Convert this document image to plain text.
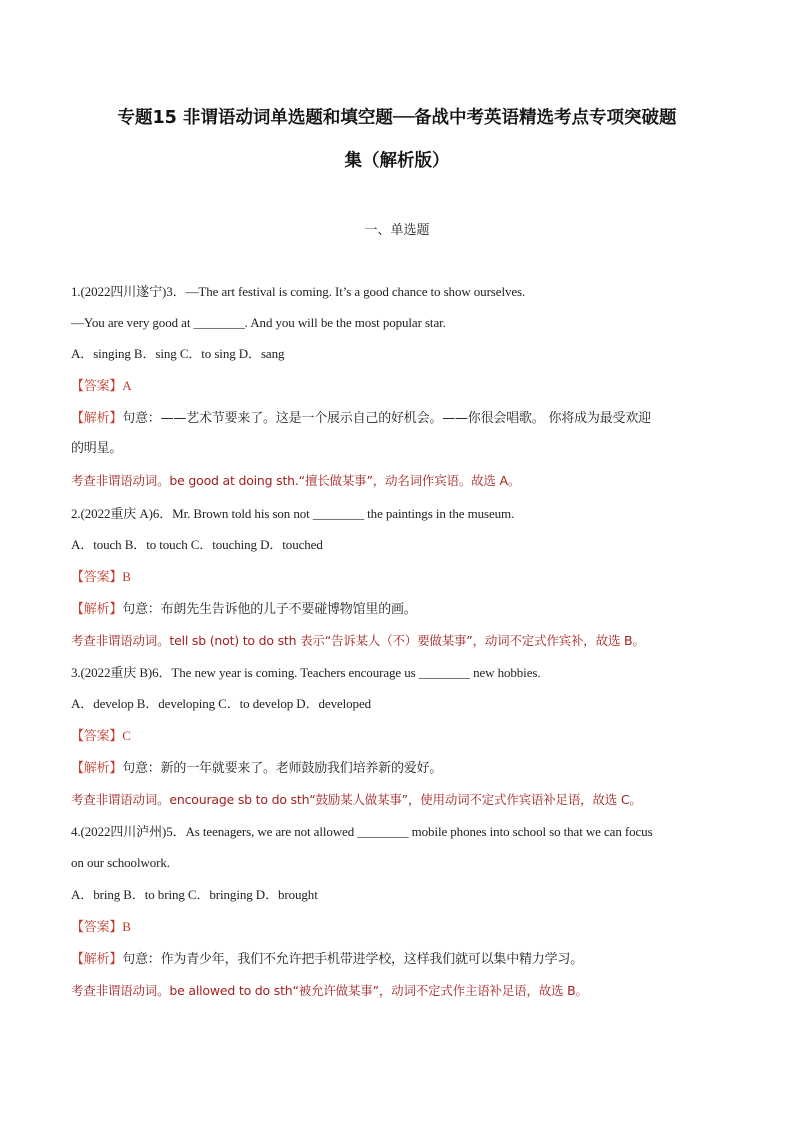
专题15 非谓语动词单选题和填空题──备战中考英语精选考点专项突破题
集（解析版）
一、单选题
1.(2022四川遂宁)3．—The art festival is coming. It’s a good chance to show ourselves.
—You are very good at ________. And you will be the most popular star.
A．singing B．sing C．to sing D．sang
【答案】A
【解析】句意：——艺术节要来了。这是一个展示自己的好机会。——你很会唱歌。 你将成为最受欢迎
的明星。
考查非谓语动词。be good at doing sth.“擅长做某事”，动名词作宾语。故选 A。
2.(2022重庆 A)6．Mr. Brown told his son not ________ the paintings in the museum.
A．touch B．to touch C．touching D．touched
【答案】B
【解析】句意：布朗先生告诉他的儿子不要碰博物馆里的画。
考查非谓语动词。tell sb (not) to do sth 表示“告诉某人（不）要做某事”，动词不定式作宾补，故选 B。
3.(2022重庆 B)6．The new year is coming. Teachers encourage us ________ new hobbies.
A．develop B．developing C．to develop D．developed
【答案】C
【解析】句意：新的一年就要来了。老师鼓励我们培养新的爱好。
考查非谓语动词。encourage sb to do sth“鼓励某人做某事”，使用动词不定式作宾语补足语，故选 C。
4.(2022四川泸州)5．As teenagers, we are not allowed ________ mobile phones into school so that we can focus
on our schoolwork.
A．bring B．to bring C．bringing D．brought
【答案】B
【解析】句意：作为青少年，我们不允许把手机带进学校，这样我们就可以集中精力学习。
考查非谓语动词。be allowed to do sth“被允许做某事”，动词不定式作主语补足语，故选 B。
